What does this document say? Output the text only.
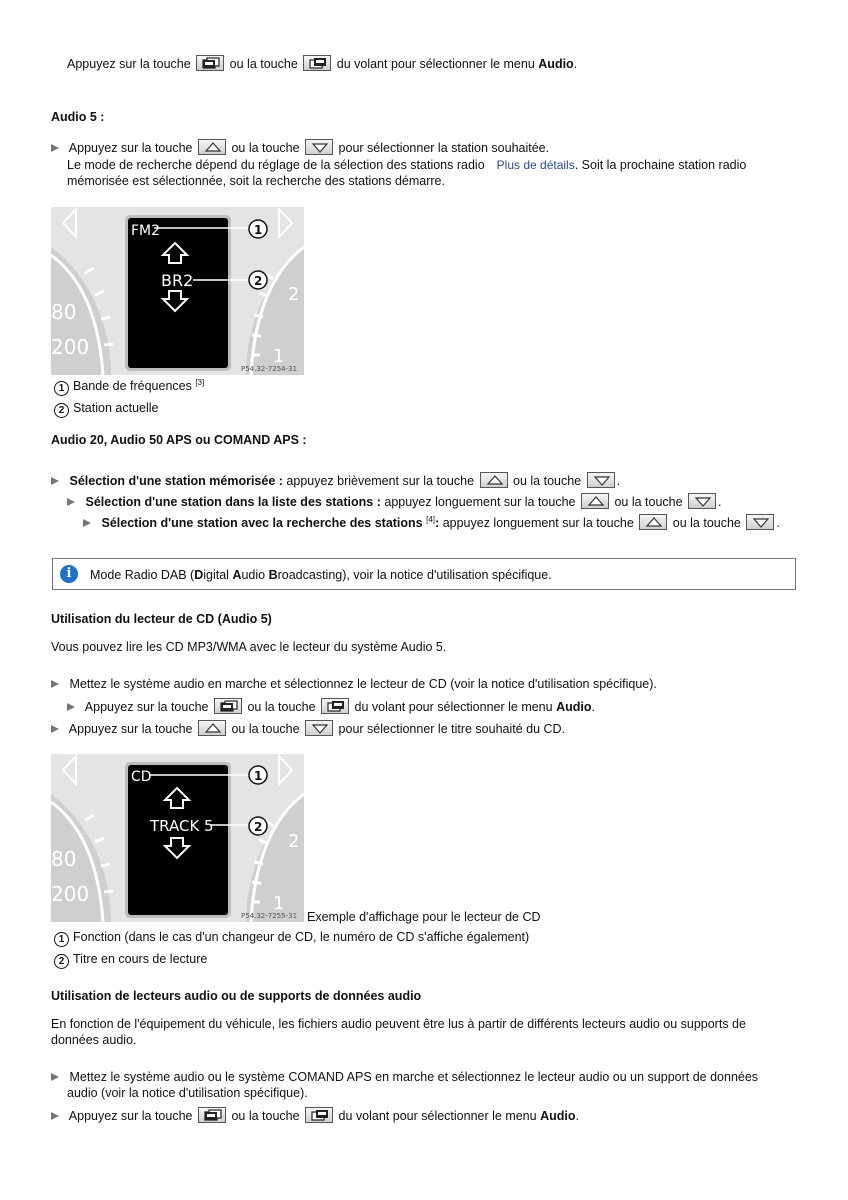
Appuyez sur la touche	ou la touche	du volant pour sélectionner le menu Audio.
Audio 5 :
Appuyez sur la touche	ou la touche	pour sélectionner la station souhaitée.
Le mode de recherche dépend du réglage de la sélection des stations radio Plus de détails. Soit la prochaine station radio
mémorisée est sélectionnée, soit la recherche des stations démarre.
80
200
2
1
FM2
BR2
1
2
P54.32-7254-31
1 Bande de fréquences [3]
2 Station actuelle
Audio 20, Audio 50 APS ou COMAND APS :
Sélection d'une station mémorisée : appuyez brièvement sur la touche	ou la touche	.
Sélection d'une station dans la liste des stations : appuyez longuement sur la touche	ou la touche	.
Sélection d'une station avec la recherche des stations [4]: appuyez longuement sur la touche	ou la touche	.
i	Mode Radio DAB (Digital Audio Broadcasting), voir la notice d'utilisation spécifique.
Utilisation du lecteur de CD (Audio 5)
Vous pouvez lire les CD MP3/WMA avec le lecteur du système Audio 5.
Mettez le système audio en marche et sélectionnez le lecteur de CD (voir la notice d'utilisation spécifique).
Appuyez sur la touche	ou la touche	du volant pour sélectionner le menu Audio.
Appuyez sur la touche	ou la touche	pour sélectionner le titre souhaité du CD.
80
200
2
1
CD
TRACK 5
1
2
P54.32-7255-31 Exemple d'affichage pour le lecteur de CD
1 Fonction (dans le cas d'un changeur de CD, le numéro de CD s'affiche également)
2 Titre en cours de lecture
Utilisation de lecteurs audio ou de supports de données audio
En fonction de l'équipement du véhicule, les fichiers audio peuvent être lus à partir de différents lecteurs audio ou supports de
données audio.
Mettez le système audio ou le système COMAND APS en marche et sélectionnez le lecteur audio ou un support de données
audio (voir la notice d'utilisation spécifique).
Appuyez sur la touche	ou la touche	du volant pour sélectionner le menu Audio.
